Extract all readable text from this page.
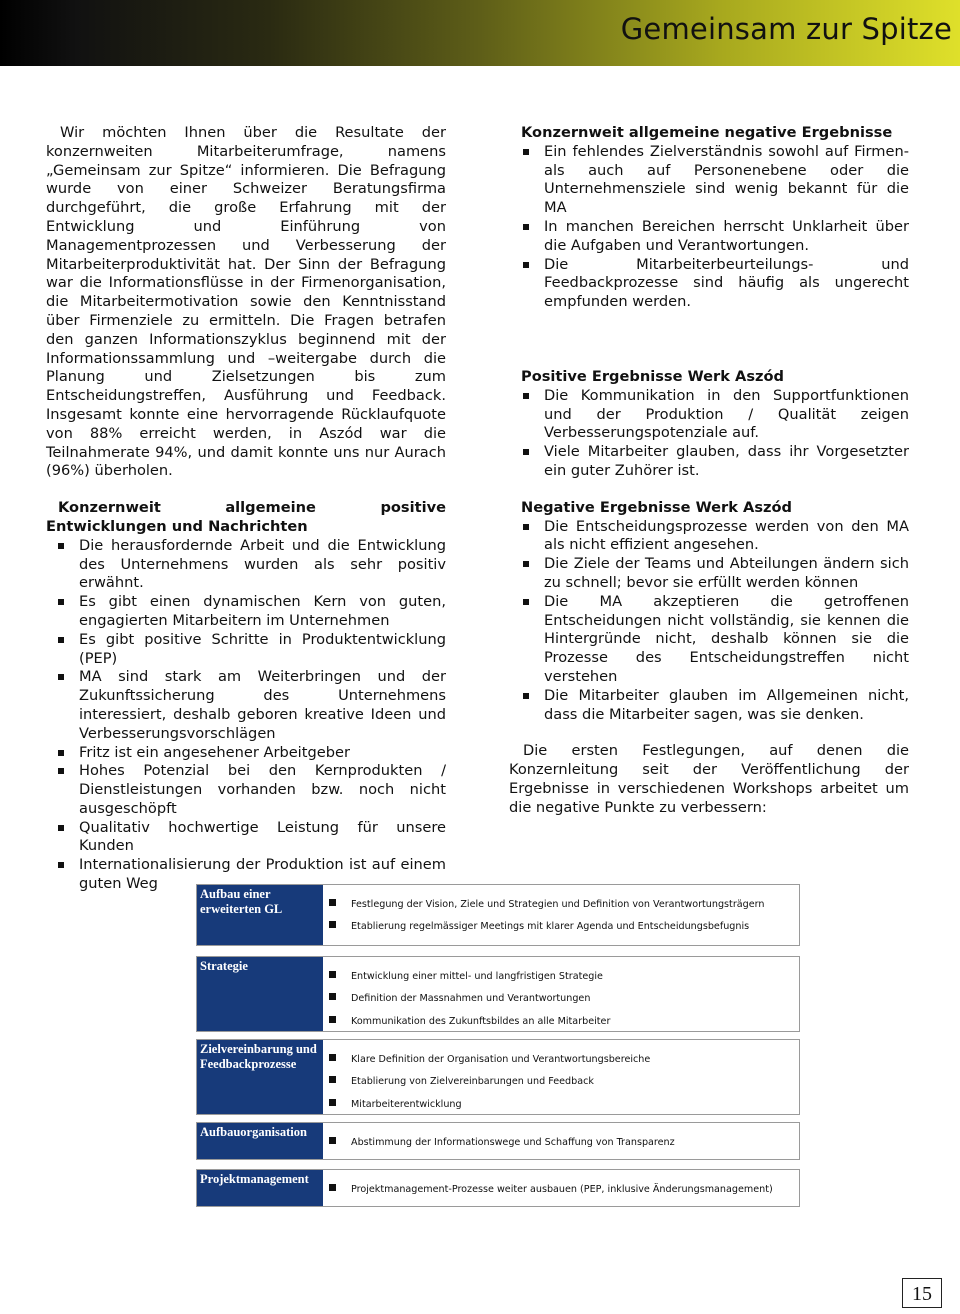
Gemeinsam zur Spitze

Wir möchten Ihnen über die Resultate der konzernweiten Mitarbeiterumfrage, namens „Gemeinsam zur Spitze“ informieren. Die Befragung wurde von einer Schweizer Beratungsfirma durchgeführt, die große Erfahrung mit der Entwicklung und Einführung von Managementprozessen und Verbesserung der Mitarbeiterproduktivität hat. Der Sinn der Befragung war die Informationsflüsse in der Firmenorganisation, die Mitarbeitermotivation sowie den Kenntnisstand über Firmenziele zu ermitteln. Die Fragen betrafen den ganzen Informationszyklus beginnend mit der Informationssammlung und –weitergabe durch die Planung und Zielsetzungen bis zum Entscheidungstreffen, Ausführung und Feedback. Insgesamt konnte eine hervorragende Rücklaufquote von 88% erreicht werden, in Aszód war die Teilnahmerate 94%, und damit konnte uns nur Aurach (96%) überholen.

Konzernweit allgemeine positive Entwicklungen und Nachrichten
Die herausfordernde Arbeit und die Entwicklung des Unternehmens wurden als sehr positiv erwähnt.
Es gibt einen dynamischen Kern von guten, engagierten Mitarbeitern im Unternehmen
Es gibt positive Schritte in Produktentwicklung (PEP)
MA sind stark am Weiterbringen und der Zukunftssicherung des Unternehmens interessiert, deshalb geboren kreative Ideen und Verbesserungsvorschlägen
Fritz ist ein angesehener Arbeitgeber
Hohes Potenzial bei den Kernprodukten / Dienstleistungen vorhanden bzw. noch nicht ausgeschöpft
Qualitativ hochwertige Leistung für unsere Kunden
Internationalisierung der Produktion ist auf einem guten Weg
Konzernweit allgemeine negative Ergebnisse
Ein fehlendes Zielverständnis sowohl auf Firmen- als auch auf Personenebene oder die Unternehmensziele sind wenig bekannt für die MA
In manchen Bereichen herrscht Unklarheit über die Aufgaben und Verantwortungen.
Die Mitarbeiterbeurteilungs- und Feedbackprozesse sind häufig als ungerecht empfunden werden.
Positive Ergebnisse Werk Aszód
Die Kommunikation in den Supportfunktionen und der Produktion / Qualität zeigen Verbesserungspotenziale auf.
Viele Mitarbeiter glauben, dass ihr Vorgesetzter ein guter Zuhörer ist.
Negative Ergebnisse Werk Aszód
Die Entscheidungsprozesse werden von den MA als nicht effizient angesehen.
Die Ziele der Teams und Abteilungen ändern sich zu schnell; bevor sie erfüllt werden können
Die MA akzeptieren die getroffenen Entscheidungen nicht vollständig, sie kennen die Hintergründe nicht, deshalb können sie die Prozesse des Entscheidungstreffen nicht verstehen
Die Mitarbeiter glauben im Allgemeinen nicht, dass die Mitarbeiter sagen, was sie denken.

Die ersten Festlegungen, auf denen die Konzernleitung seit der Veröffentlichung der Ergebnisse in verschiedenen Workshops arbeitet um die negative Punkte zu verbessern:

Aufbau einer erweiterten GL	Festlegung der Vision, Ziele und Strategien und Definition von Verantwortungsträgern
Etablierung regelmässiger Meetings mit klarer Agenda und Entscheidungsbefugnis
Strategie
Entwicklung einer mittel- und langfristigen Strategie
Definition der Massnahmen und Verantwortungen
Kommunikation des Zukunftsbildes an alle Mitarbeiter
Zielvereinbarung und Feedbackprozesse	Klare Definition der Organisation und Verantwortungsbereiche
Etablierung von Zielvereinbarungen und Feedback
Mitarbeiterentwicklung
Aufbauorganisation
Abstimmung der Informationswege und Schaffung von Transparenz
Projektmanagement
Projektmanagement-Prozesse weiter ausbauen (PEP, inklusive Änderungsmanagement)
15
